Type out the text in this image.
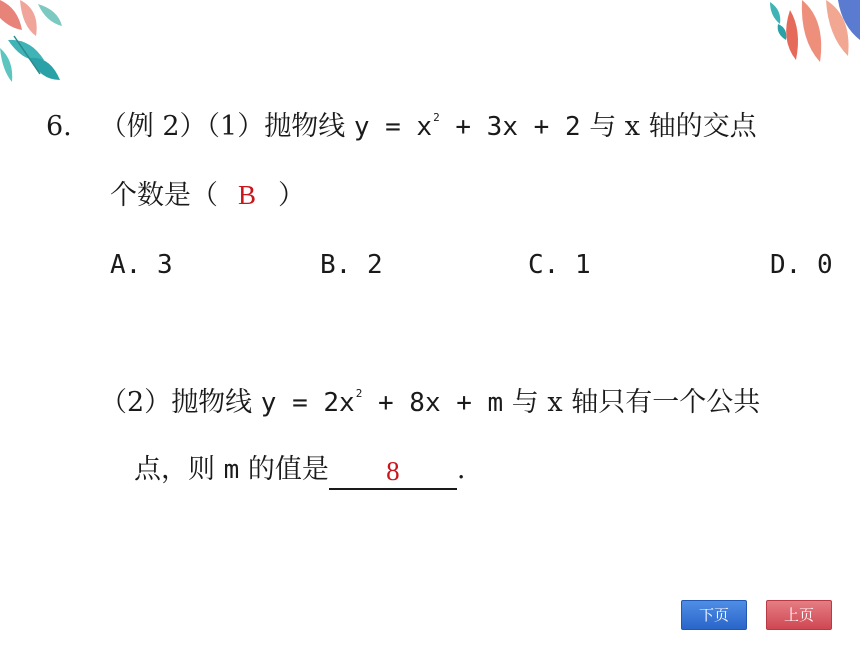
6. （例 2）（1）抛物线 $y = x^2 + 3x + 2$ 与 x 轴的交点
个数是（ B ）
A. 3	B. 2	C. 1	D. 0
（2）抛物线 $y = 2x^2 + 8x + m$ 与 x 轴只有一个公共
点，则 m 的值是 8 .
下页	上页
